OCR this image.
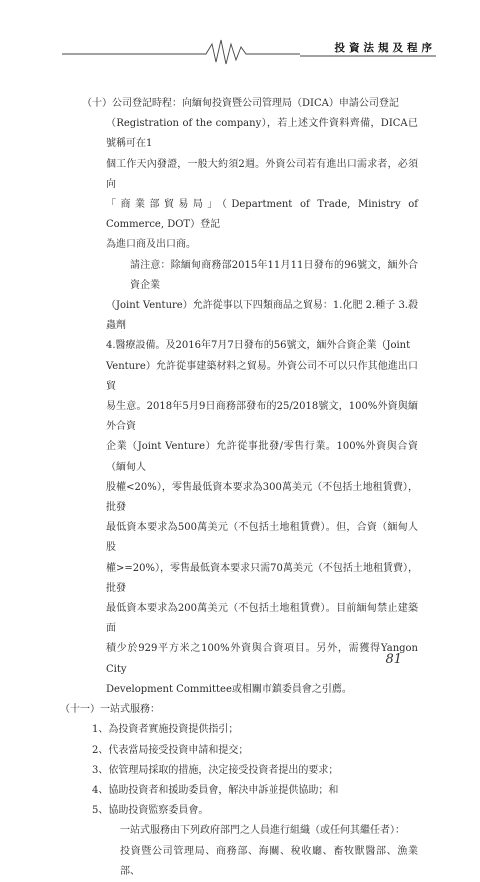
投資法規及程序

（十）公司登記時程：向緬甸投資暨公司管理局（DICA）申請公司登記

（Registration of the company），若上述文件資料齊備，DICA已號稱可在1

個工作天內發證，一般大約須2週。外資公司若有進出口需求者，必須向

「商業部貿易局」（Department of Trade, Ministry of Commerce, DOT）登記

為進口商及出口商。

請注意：除緬甸商務部2015年11月11日發布的96號文，緬外合資企業

（Joint Venture）允許從事以下四類商品之貿易：1.化肥 2.種子 3.殺蟲劑

4.醫療設備。及2016年7月7日發布的56號文，緬外合資企業（Joint

Venture）允許從事建築材料之貿易。外資公司不可以只作其他進出口貿

易生意。2018年5月9日商務部發布的25/2018號文，100%外資與緬外合資

企業（Joint Venture）允許從事批發/零售行業。100%外資與合資（緬甸人

股權<20%），零售最低資本要求為300萬美元（不包括土地租賃費），批發

最低資本要求為500萬美元（不包括土地租賃費）。但，合資（緬甸人股

權>=20%），零售最低資本要求只需70萬美元（不包括土地租賃費），批發

最低資本要求為200萬美元（不包括土地租賃費）。目前緬甸禁止建築面

積少於929平方米之100%外資與合資項目。另外，需獲得Yangon City

Development Committee或相關市鎮委員會之引薦。

（十一）一站式服務：

1、為投資者實施投資提供指引；

2、代表當局接受投資申請和提交；

3、依管理局採取的措施，決定接受投資者提出的要求；

4、協助投資者和援助委員會，解決申訴並提供協助；和

5、協助投資監察委員會。

一站式服務由下列政府部門之人員進行組織（或任何其繼任者）：

投資暨公司管理局、商務部、海關、稅收廳、畜牧獸醫部、漁業部、

81
